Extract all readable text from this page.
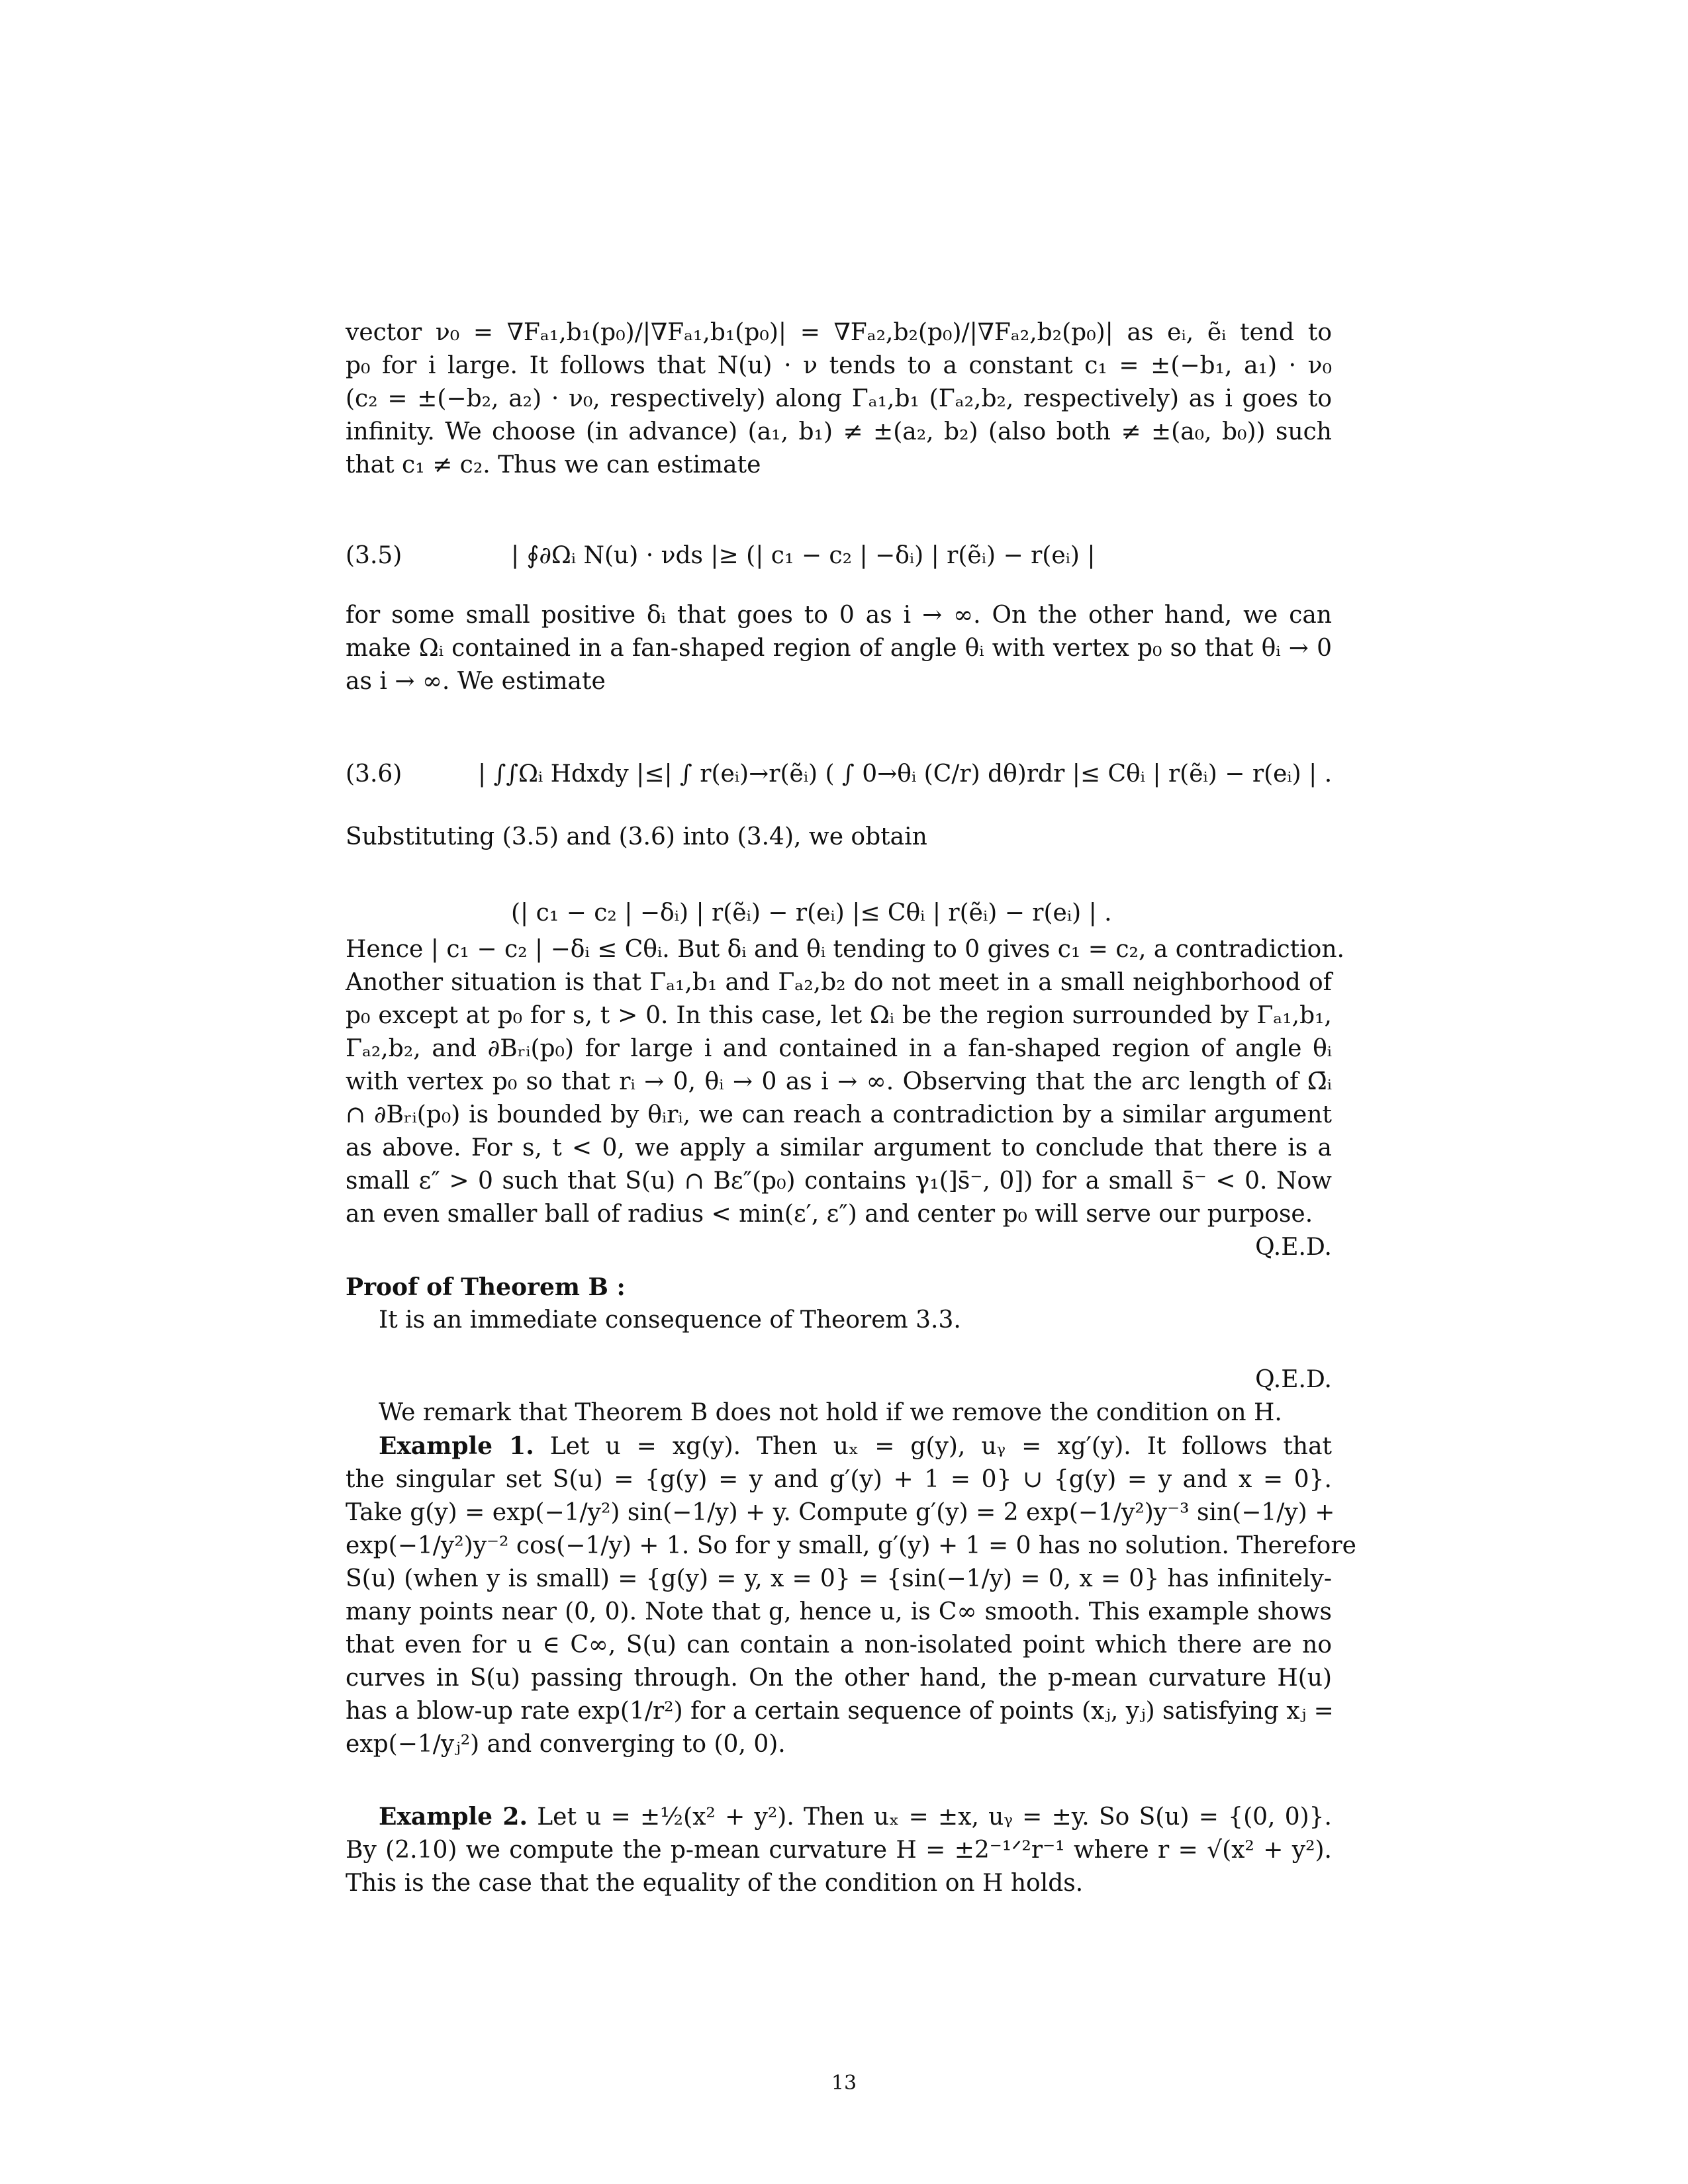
vector ν₀ = ∇Fₐ₁,b₁(p₀)/|∇Fₐ₁,b₁(p₀)| = ∇Fₐ₂,b₂(p₀)/|∇Fₐ₂,b₂(p₀)| as eᵢ, ẽᵢ tend to
p₀ for i large. It follows that N(u) · ν tends to a constant c₁ = ±(−b₁, a₁) · ν₀
(c₂ = ±(−b₂, a₂) · ν₀, respectively) along Γₐ₁,b₁ (Γₐ₂,b₂, respectively) as i goes to
infinity. We choose (in advance) (a₁, b₁) ≠ ±(a₂, b₂) (also both ≠ ±(a₀, b₀)) such
that c₁ ≠ c₂. Thus we can estimate

(3.5)	| ∮∂Ωᵢ N(u) · νds |≥ (| c₁ − c₂ | −δᵢ) | r(ẽᵢ) − r(eᵢ) |

for some small positive δᵢ that goes to 0 as i → ∞. On the other hand, we can
make Ωᵢ contained in a fan-shaped region of angle θᵢ with vertex p₀ so that θᵢ → 0
as i → ∞. We estimate

(3.6)	| ∫∫Ωᵢ Hdxdy |≤| ∫ r(eᵢ)→r(ẽᵢ) ( ∫ 0→θᵢ (C/r) dθ)rdr |≤ Cθᵢ | r(ẽᵢ) − r(eᵢ) | .

Substituting (3.5) and (3.6) into (3.4), we obtain

(| c₁ − c₂ | −δᵢ) | r(ẽᵢ) − r(eᵢ) |≤ Cθᵢ | r(ẽᵢ) − r(eᵢ) | .

Hence | c₁ − c₂ | −δᵢ ≤ Cθᵢ. But δᵢ and θᵢ tending to 0 gives c₁ = c₂, a contradiction.
Another situation is that Γₐ₁,b₁ and Γₐ₂,b₂ do not meet in a small neighborhood of
p₀ except at p₀ for s, t > 0. In this case, let Ωᵢ be the region surrounded by Γₐ₁,b₁,
Γₐ₂,b₂, and ∂Bᵣᵢ(p₀) for large i and contained in a fan-shaped region of angle θᵢ
with vertex p₀ so that rᵢ → 0, θᵢ → 0 as i → ∞. Observing that the arc length of Ω̄ᵢ
∩ ∂Bᵣᵢ(p₀) is bounded by θᵢrᵢ, we can reach a contradiction by a similar argument
as above. For s, t < 0, we apply a similar argument to conclude that there is a
small ε″ > 0 such that S(u) ∩ Bε″(p₀) contains γ₁(]s̄⁻, 0]) for a small s̄⁻ < 0. Now
an even smaller ball of radius < min(ε′, ε″) and center p₀ will serve our purpose.

Q.E.D.

Proof of Theorem B :

It is an immediate consequence of Theorem 3.3.

Q.E.D.

We remark that Theorem B does not hold if we remove the condition on H.

Example 1. Let u = xg(y). Then uₓ = g(y), uᵧ = xg′(y). It follows that
the singular set S(u) = {g(y) = y and g′(y) + 1 = 0} ∪ {g(y) = y and x = 0}.
Take g(y) = exp(−1/y²) sin(−1/y) + y. Compute g′(y) = 2 exp(−1/y²)y⁻³ sin(−1/y) +
exp(−1/y²)y⁻² cos(−1/y) + 1. So for y small, g′(y) + 1 = 0 has no solution. Therefore
S(u) (when y is small) = {g(y) = y, x = 0} = {sin(−1/y) = 0, x = 0} has infinitely-
many points near (0, 0). Note that g, hence u, is C∞ smooth. This example shows
that even for u ∈ C∞, S(u) can contain a non-isolated point which there are no
curves in S(u) passing through. On the other hand, the p-mean curvature H(u)
has a blow-up rate exp(1/r²) for a certain sequence of points (xⱼ, yⱼ) satisfying xⱼ =
exp(−1/yⱼ²) and converging to (0, 0).

Example 2. Let u = ±½(x² + y²). Then uₓ = ±x, uᵧ = ±y. So S(u) = {(0, 0)}.
By (2.10) we compute the p-mean curvature H = ±2⁻¹ᐟ²r⁻¹ where r = √(x² + y²).
This is the case that the equality of the condition on H holds.

13
